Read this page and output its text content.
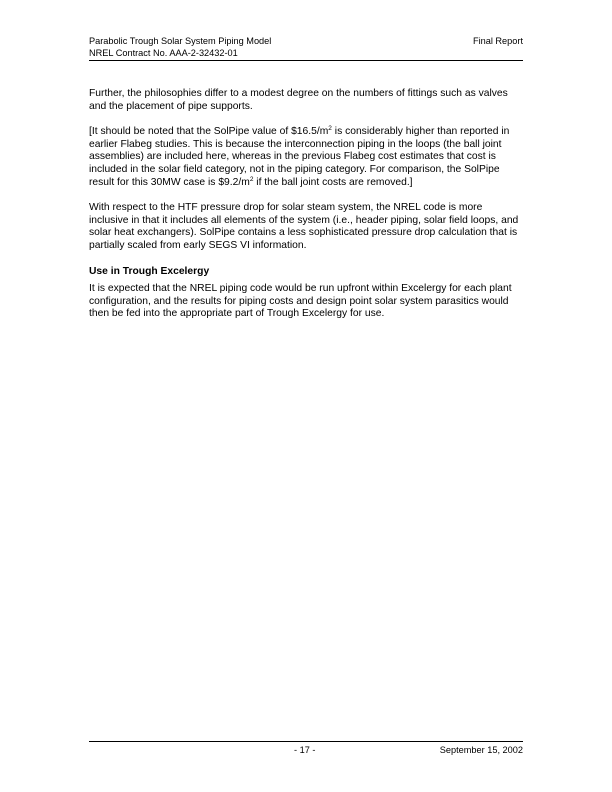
Parabolic Trough Solar System Piping Model
NREL Contract No. AAA-2-32432-01
Final Report

Further, the philosophies differ to a modest degree on the numbers of fittings such as valves and the placement of pipe supports.

[It should be noted that the SolPipe value of $\$16.5/m^2$ is considerably higher than reported in earlier Flabeg studies. This is because the interconnection piping in the loops (the ball joint assemblies) are included here, whereas in the previous Flabeg cost estimates that cost is included in the solar field category, not in the piping category. For comparison, the SolPipe result for this 30MW case is $\$9.2/m^2$ if the ball joint costs are removed.]

With respect to the HTF pressure drop for solar steam system, the NREL code is more inclusive in that it includes all elements of the system (i.e., header piping, solar field loops, and solar heat exchangers). SolPipe contains a less sophisticated pressure drop calculation that is partially scaled from early SEGS VI information.

Use in Trough Excelergy

It is expected that the NREL piping code would be run upfront within Excelergy for each plant configuration, and the results for piping costs and design point solar system parasitics would then be fed into the appropriate part of Trough Excelergy for use.

- 17 -	September 15, 2002
